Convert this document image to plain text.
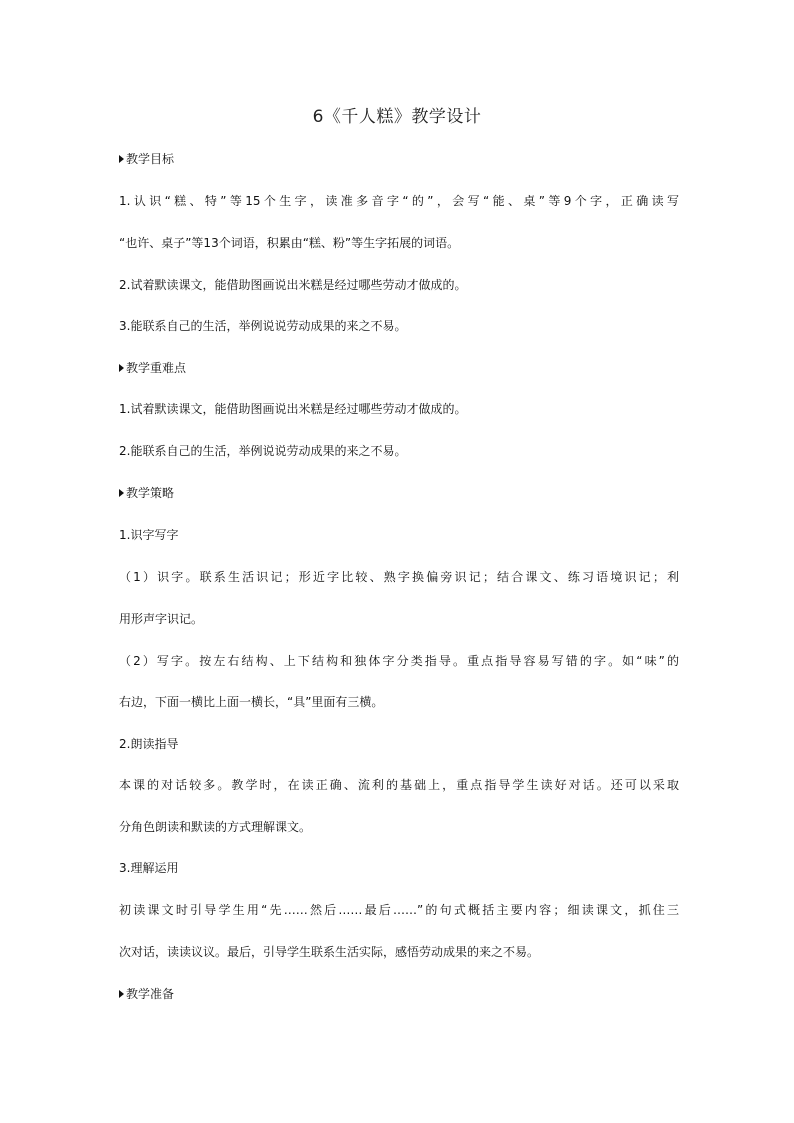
6《千人糕》教学设计
教学目标
1.认识“糕、特”等15个生字，读准多音字“的”，会写“能、桌”等9个字，正确读写
“也许、桌子”等13个词语，积累由“糕、粉”等生字拓展的词语。
2.试着默读课文，能借助图画说出米糕是经过哪些劳动才做成的。
3.能联系自己的生活，举例说说劳动成果的来之不易。
教学重难点
1.试着默读课文，能借助图画说出米糕是经过哪些劳动才做成的。
2.能联系自己的生活，举例说说劳动成果的来之不易。
教学策略
1.识字写字
（1）识字。联系生活识记；形近字比较、熟字换偏旁识记；结合课文、练习语境识记；利
用形声字识记。
（2）写字。按左右结构、上下结构和独体字分类指导。重点指导容易写错的字。如“味”的
右边，下面一横比上面一横长，“具”里面有三横。
2.朗读指导
本课的对话较多。教学时，在读正确、流利的基础上，重点指导学生读好对话。还可以采取
分角色朗读和默读的方式理解课文。
3.理解运用
初读课文时引导学生用“先……然后……最后……”的句式概括主要内容；细读课文，抓住三
次对话，读读议议。最后，引导学生联系生活实际，感悟劳动成果的来之不易。
教学准备
